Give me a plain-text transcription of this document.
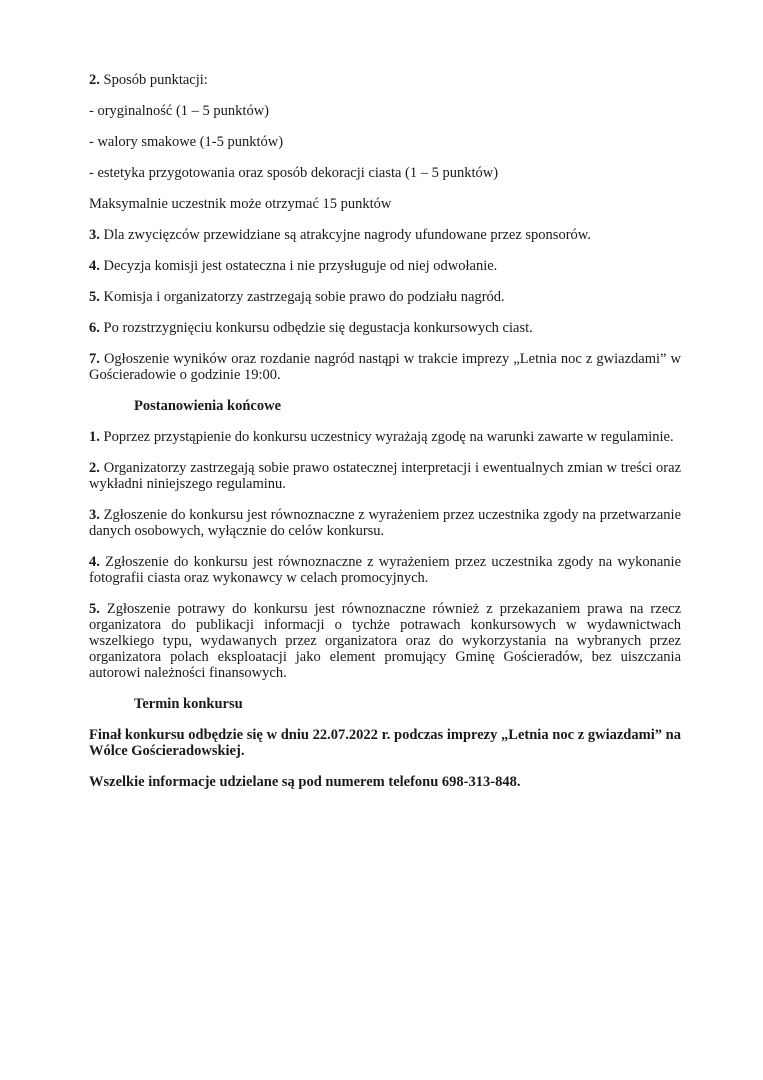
2. Sposób punktacji:

- oryginalność (1 – 5 punktów)

- walory smakowe (1-5 punktów)

- estetyka przygotowania oraz sposób dekoracji ciasta (1 – 5 punktów)

Maksymalnie uczestnik może otrzymać 15 punktów

3. Dla zwycięzców przewidziane są atrakcyjne nagrody ufundowane przez sponsorów.

4. Decyzja komisji jest ostateczna i nie przysługuje od niej odwołanie.

5. Komisja i organizatorzy zastrzegają sobie prawo do podziału nagród.

6. Po rozstrzygnięciu konkursu odbędzie się degustacja konkursowych ciast.

7. Ogłoszenie wyników oraz rozdanie nagród nastąpi w trakcie imprezy „Letnia noc z gwiazdami” w Gościeradowie o godzinie 19:00.

Postanowienia końcowe

1. Poprzez przystąpienie do konkursu uczestnicy wyrażają zgodę na warunki zawarte w regulaminie.

2. Organizatorzy zastrzegają sobie prawo ostatecznej interpretacji i ewentualnych zmian w treści oraz wykładni niniejszego regulaminu.

3. Zgłoszenie do konkursu jest równoznaczne z wyrażeniem przez uczestnika zgody na przetwarzanie danych osobowych, wyłącznie do celów konkursu.

4. Zgłoszenie do konkursu jest równoznaczne z wyrażeniem przez uczestnika zgody na wykonanie fotografii ciasta oraz wykonawcy w celach promocyjnych.

5. Zgłoszenie potrawy do konkursu jest równoznaczne również z przekazaniem prawa na rzecz organizatora do publikacji informacji o tychże potrawach konkursowych w wydawnictwach wszelkiego typu, wydawanych przez organizatora oraz do wykorzystania na wybranych przez organizatora polach eksploatacji jako element promujący Gminę Gościeradów, bez uiszczania autorowi należności finansowych.

Termin konkursu

Finał konkursu odbędzie się w dniu 22.07.2022 r. podczas imprezy „Letnia noc z gwiazdami” na Wólce Gościeradowskiej.

Wszelkie informacje udzielane są pod numerem telefonu 698-313-848.
